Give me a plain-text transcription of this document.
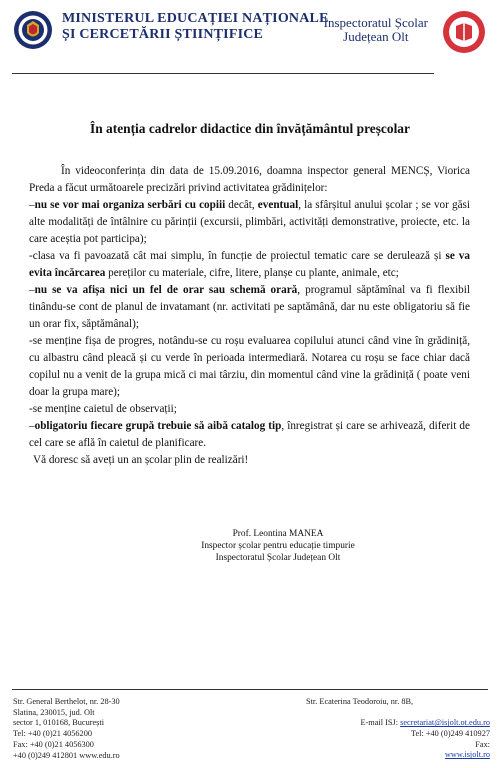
MINISTERUL EDUCAȚIEI NAȚIONALE
ȘI CERCETĂRII ȘTIINȚIFICE
Inspectoratul Școlar
Județean Olt
În atenția cadrelor didactice din învățământul preșcolar

În videoconferința din data de 15.09.2016, doamna inspector general MENCȘ, Viorica Preda a făcut următoarele precizări privind activitatea grădinițelor:

–nu se vor mai organiza serbări cu copiii decât, eventual, la sfârșitul anului școlar ; se vor găsi alte modalități de întâlnire cu părinții (excursii, plimbări, activități demonstrative, proiecte, etc. la care aceștia pot participa);

-clasa va fi pavoazată cât mai simplu, în funcție de proiectul tematic care se derulează și se va evita încărcarea pereților cu materiale, cifre, litere, planșe cu plante, animale, etc;

–nu se va afișa nici un fel de orar sau schemă orară, programul săptămînal va fi flexibil tinându-se cont de planul de invatamant (nr. activitati pe saptămână, dar nu este obligatoriu să fie un orar fix, săptămânal);

-se menține fișa de progres, notându-se cu roșu evaluarea copilului atunci când vine în grădiniță, cu albastru când pleacă și cu verde în perioada intermediară. Notarea cu roșu se face chiar dacă copilul nu a venit de la grupa mică ci mai târziu, din momentul când vine la grădiniță ( poate veni doar la grupa mare);

-se menține caietul de observații;

–obligatoriu fiecare grupă trebuie să aibă catalog tip, înregistrat și care se arhivează, diferit de cel care se află în caietul de planificare.

Vă doresc să aveți un an școlar plin de realizări!

Prof. Leontina MANEA
Inspector școlar pentru educație timpurie
Inspectoratul Școlar Județean Olt
Str. General Berthelot, nr. 28-30
Slatina, 230015, jud. Olt
sector 1, 010168, București
Tel: +40 (0)21 4056200
Fax: +40 (0)21 4056300
+40 (0)249 412801 www.edu.ro
Str. Ecaterina Teodoroiu, nr. 8B,
E-mail ISJ: secretariat@isjolt.ot.edu.ro
Tel: +40 (0)249 410927
Fax:
www.isjolt.ro
